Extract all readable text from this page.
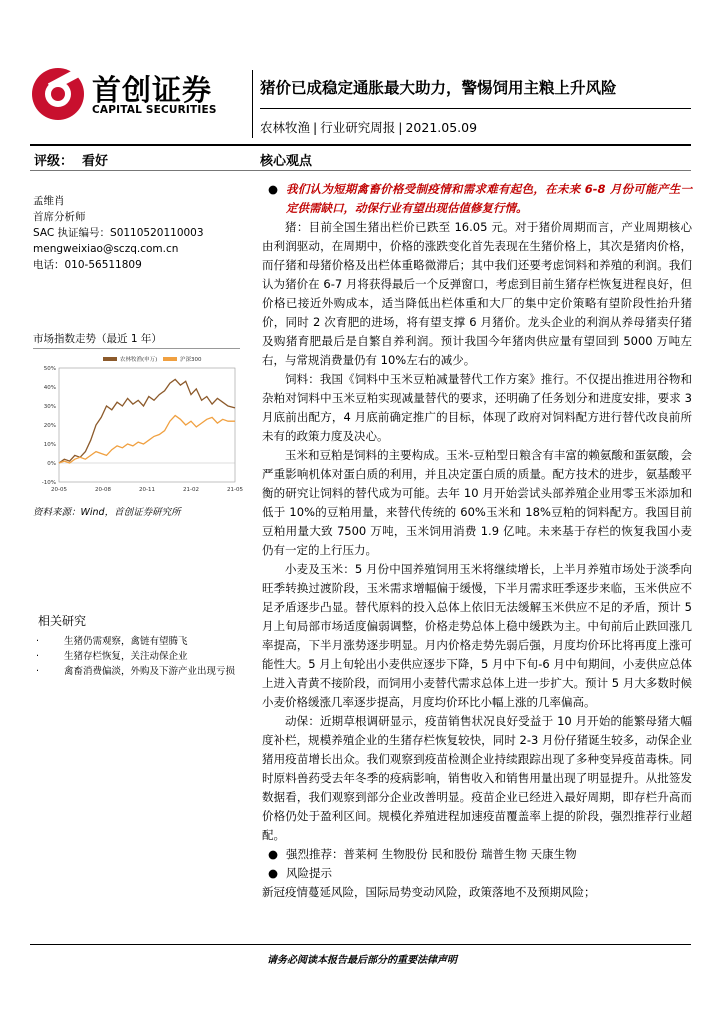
首创证券
CAPITAL SECURITIES
猪价已成稳定通胀最大助力，警惕饲用主粮上升风险
农林牧渔 | 行业研究周报 | 2021.05.09
评级：  看好	核心观点
孟维肖
首席分析师
SAC 执证编号：S0110520110003
mengweixiao@sczq.com.cn
电话：010-56511809
市场指数走势（最近 1 年）
-10%
0%
10%
20%
30%
40%
50%
20-05	20-08	20-11	21-02	21-05
农林牧渔(申万)	沪深300
资料来源：Wind，首创证券研究所
相关研究
·	生猪仍需观察，禽链有望腾飞
·	生猪存栏恢复，关注动保企业
·	禽畜消费偏淡，外购及下游产业出现亏损

● 我们认为短期禽畜价格受制疫情和需求难有起色，在未来 6-8 月份可能产生一定供需缺口，动保行业有望出现估值修复行情。

猪：目前全国生猪出栏价已跌至 16.05 元。对于猪价周期而言，产业周期核心由利润驱动，在周期中，价格的涨跌变化首先表现在生猪价格上，其次是猪肉价格，而仔猪和母猪价格及出栏体重略微滞后；其中我们还要考虑饲料和养殖的利润。我们认为猪价在 6-7 月将获得最后一个反弹窗口，考虑到目前生猪存栏恢复进程良好，但价格已接近外购成本，适当降低出栏体重和大厂的集中定价策略有望阶段性抬升猪价，同时 2 次育肥的进场，将有望支撑 6 月猪价。龙头企业的利润从养母猪卖仔猪及购猪育肥最后是自繁自养利润。预计我国今年猪肉供应量有望回到 5000 万吨左右，与常规消费量仍有 10%左右的减少。

饲料：我国《饲料中玉米豆粕减量替代工作方案》推行。不仅提出推进用谷物和杂粕对饲料中玉米豆粕实现减量替代的要求，还明确了任务划分和进度安排，要求 3 月底前出配方，4 月底前确定推广的目标，体现了政府对饲料配方进行替代改良前所未有的政策力度及决心。

玉米和豆粕是饲料的主要构成。玉米-豆粕型日粮含有丰富的赖氨酸和蛋氨酸，会严重影响机体对蛋白质的利用，并且决定蛋白质的质量。配方技术的进步，氨基酸平衡的研究让饲料的替代成为可能。去年 10 月开始尝试头部养殖企业用零玉米添加和低于 10%的豆粕用量，来替代传统的 60%玉米和 18%豆粕的饲料配方。我国目前豆粕用量大致 7500 万吨，玉米饲用消费 1.9 亿吨。未来基于存栏的恢复我国小麦仍有一定的上行压力。

小麦及玉米：5 月份中国养殖饲用玉米将继续增长，上半月养殖市场处于淡季向旺季转换过渡阶段，玉米需求增幅偏于缓慢，下半月需求旺季逐步来临，玉米供应不足矛盾逐步凸显。替代原料的投入总体上依旧无法缓解玉米供应不足的矛盾，预计 5 月上旬局部市场适度偏弱调整，价格走势总体上稳中缓跌为主。中旬前后止跌回涨几率提高，下半月涨势逐步明显。月内价格走势先弱后强，月度均价环比将再度上涨可能性大。5 月上旬轮出小麦供应逐步下降，5 月中下旬-6 月中旬期间，小麦供应总体上进入青黄不接阶段，而饲用小麦替代需求总体上进一步扩大。预计 5 月大多数时候小麦价格缓涨几率逐步提高，月度均价环比小幅上涨的几率偏高。

动保：近期草根调研显示，疫苗销售状况良好受益于 10 月开始的能繁母猪大幅度补栏，规模养殖企业的生猪存栏恢复较快，同时 2-3 月份仔猪诞生较多，动保企业猪用疫苗增长出众。我们观察到疫苗检测企业持续跟踪出现了多种变异疫苗毒株。同时原料兽药受去年冬季的疫病影响，销售收入和销售用量出现了明显提升。从批签发数据看，我们观察到部分企业改善明显。疫苗企业已经进入最好周期，即存栏升高而价格仍处于盈利区间。规模化养殖进程加速疫苗覆盖率上提的阶段，强烈推荐行业超配。

● 强烈推荐：普莱柯 生物股份 民和股份 瑞普生物 天康生物

● 风险提示

新冠疫情蔓延风险，国际局势变动风险，政策落地不及预期风险；

请务必阅读本报告最后部分的重要法律声明
